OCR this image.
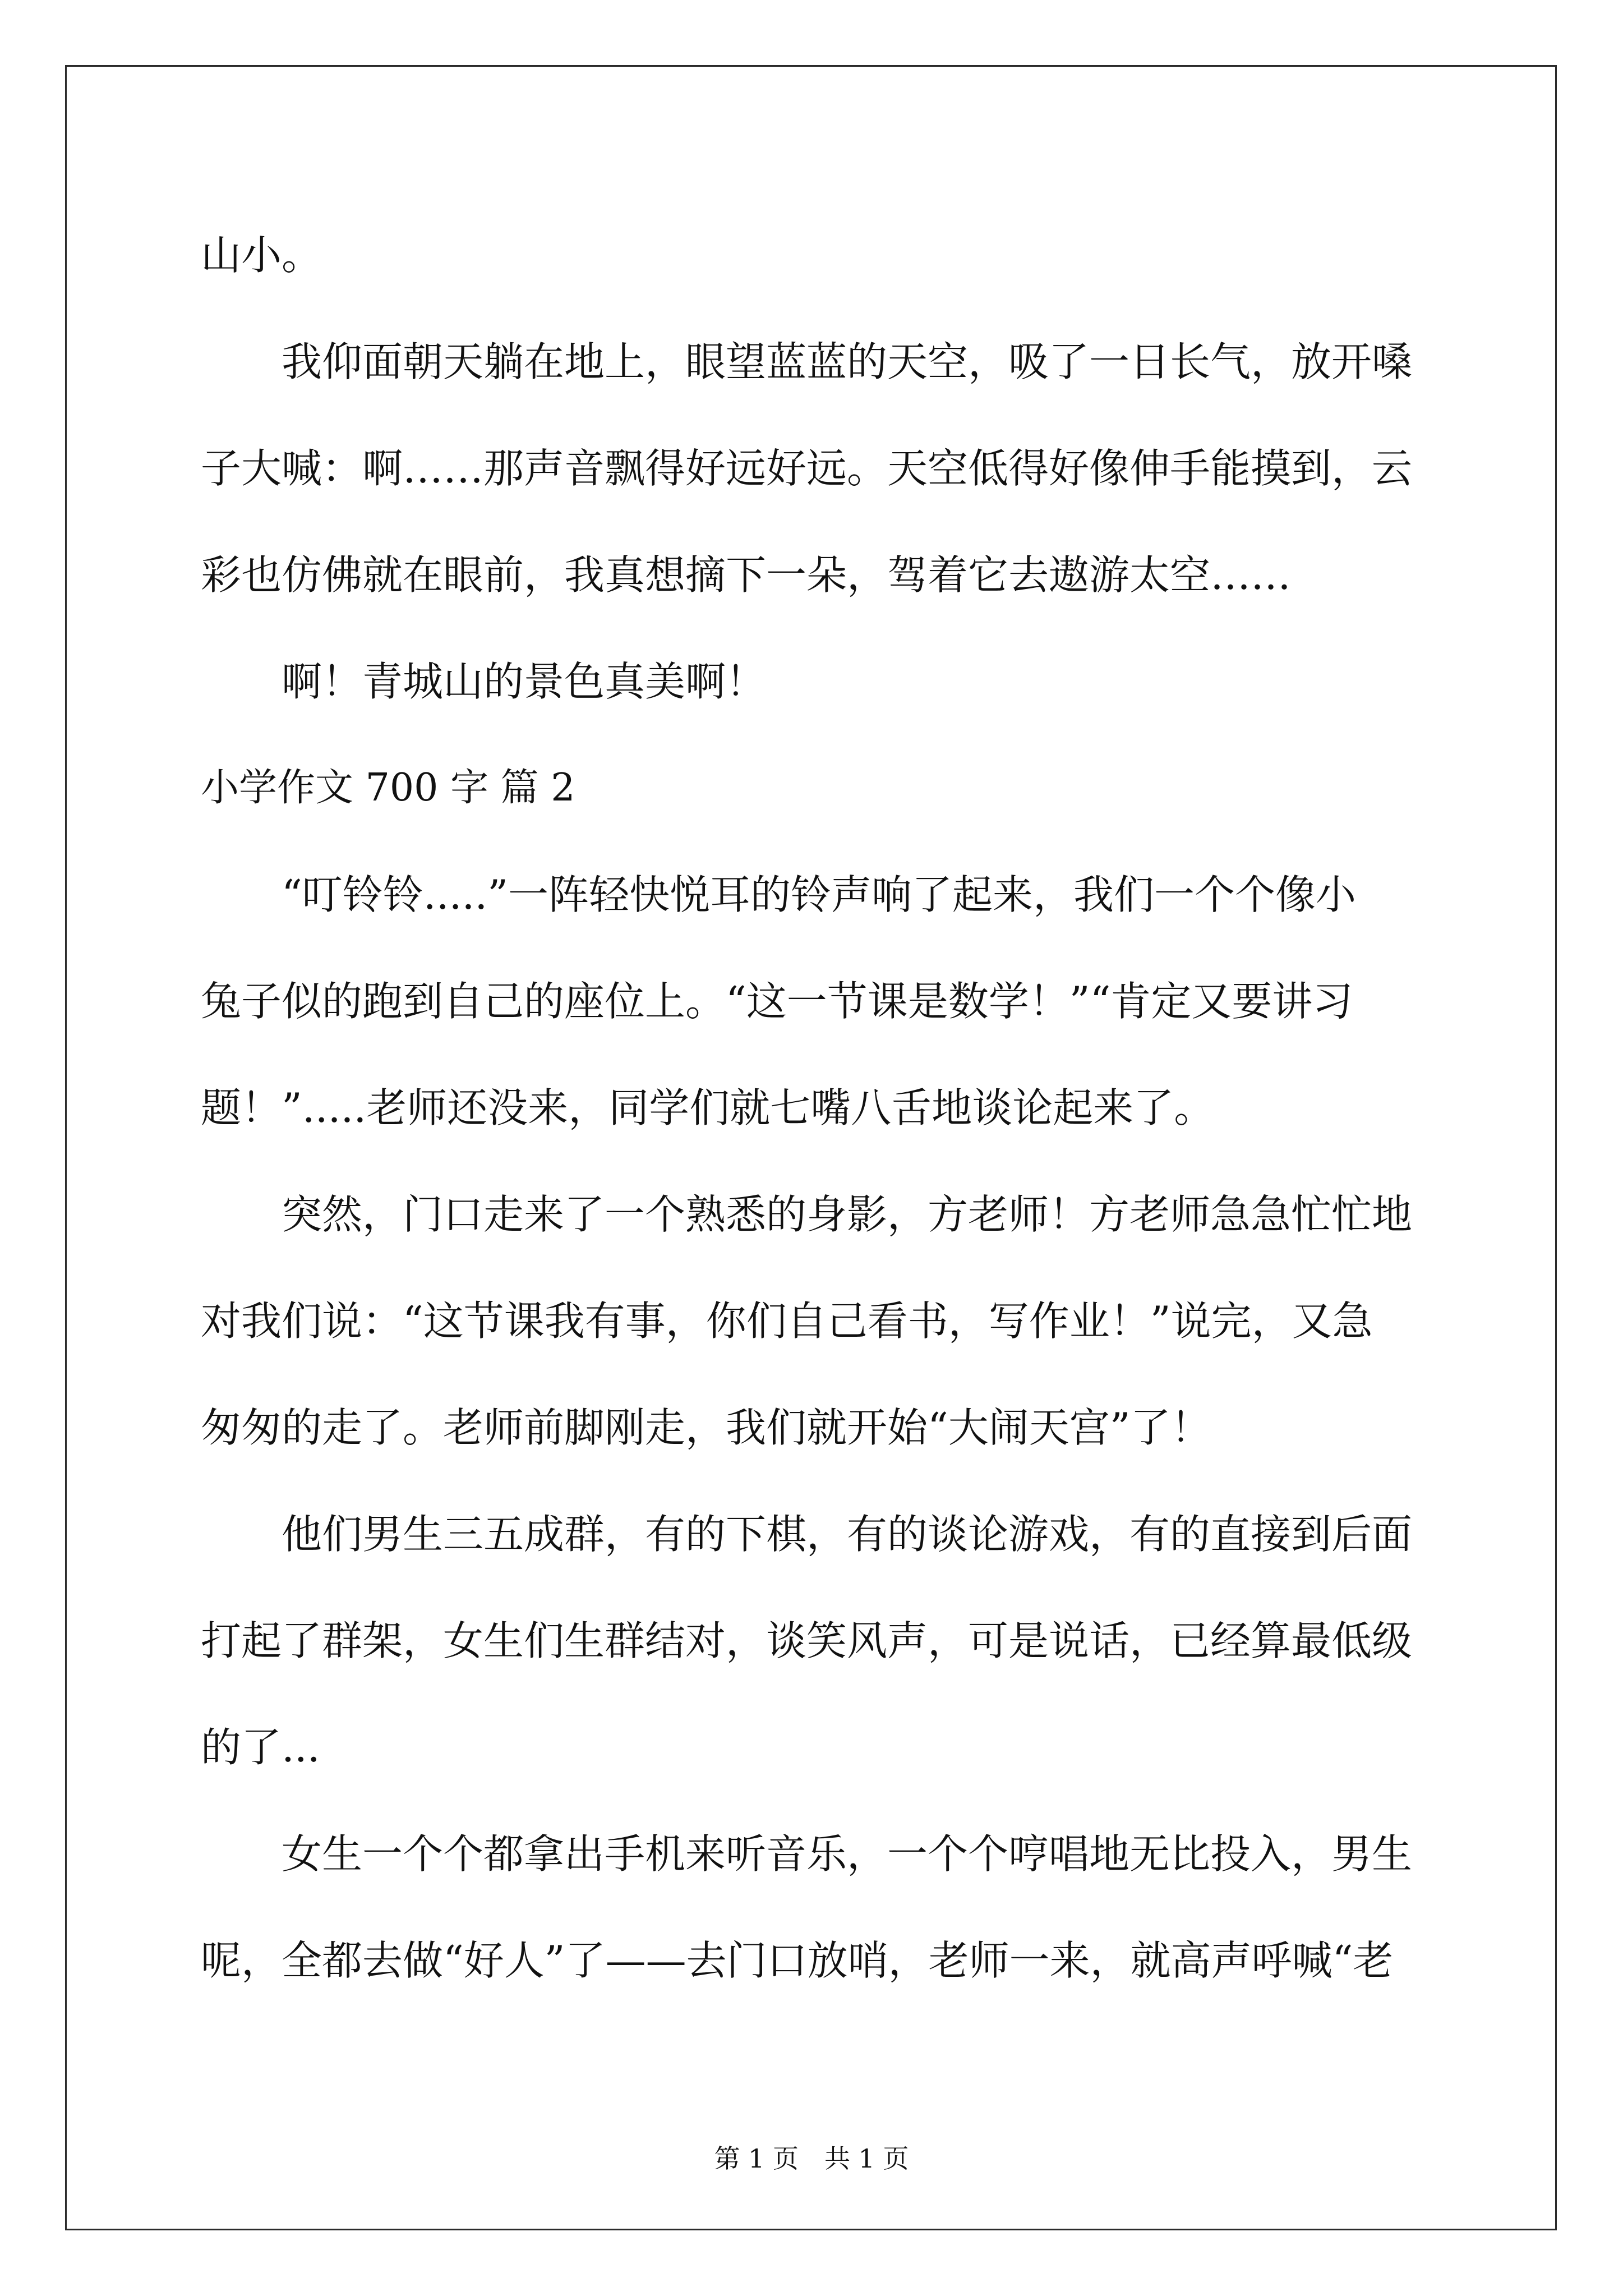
山小。
我仰面朝天躺在地上，眼望蓝蓝的天空，吸了一日长气，放开嗓
子大喊：啊……那声音飘得好远好远。天空低得好像伸手能摸到，云
彩也仿佛就在眼前，我真想摘下一朵，驾着它去遨游太空……
啊！青城山的景色真美啊！
小学作文 700 字 篇 2
“叮铃铃.....”一阵轻快悦耳的铃声响了起来，我们一个个像小
兔子似的跑到自己的座位上。“这一节课是数学！”“肯定又要讲习
题！”.....老师还没来，同学们就七嘴八舌地谈论起来了。
突然，门口走来了一个熟悉的身影，方老师！方老师急急忙忙地
对我们说：“这节课我有事，你们自己看书，写作业！”说完，又急
匆匆的走了。老师前脚刚走，我们就开始“大闹天宫”了！
他们男生三五成群，有的下棋，有的谈论游戏，有的直接到后面
打起了群架，女生们生群结对，谈笑风声，可是说话，已经算最低级
的了...
女生一个个都拿出手机来听音乐，一个个哼唱地无比投入，男生
呢，全都去做“好人”了——去门口放哨，老师一来，就高声呼喊“老
第 1 页　共 1 页
